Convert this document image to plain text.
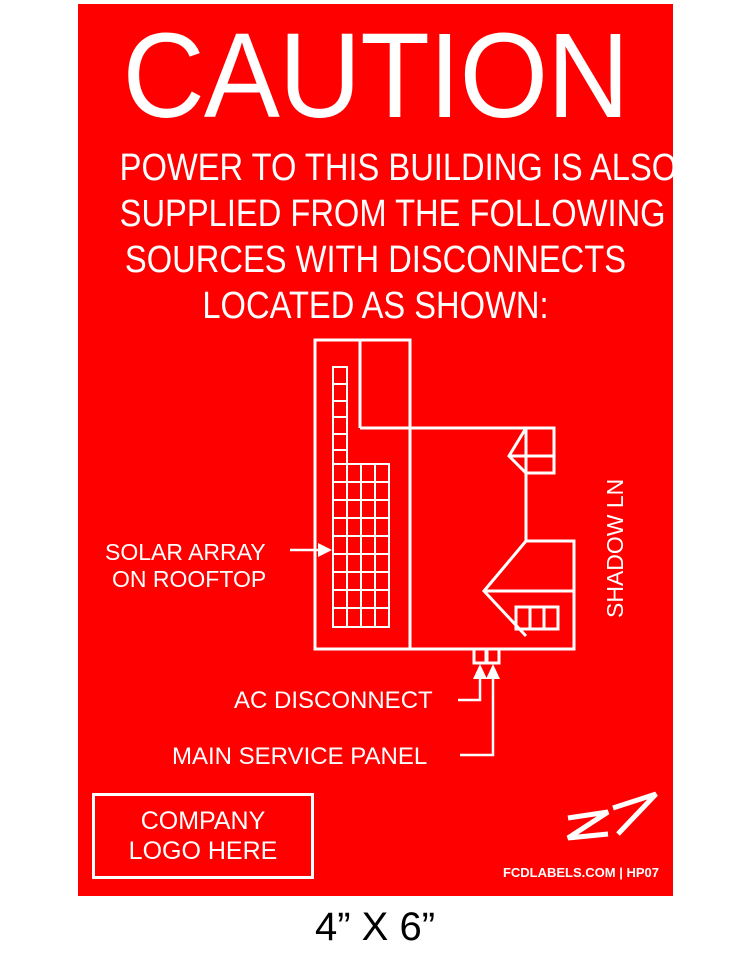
CAUTION
POWER TO THIS BUILDING IS ALSO
SUPPLIED FROM THE FOLLOWING
SOURCES WITH DISCONNECTS
LOCATED AS SHOWN:
SOLAR ARRAY
ON ROOFTOP	SHADOW LN
AC DISCONNECT
MAIN SERVICE PANEL
COMPANY
LOGO HERE
FCDLABELS.COM | HP07
4” X 6”
